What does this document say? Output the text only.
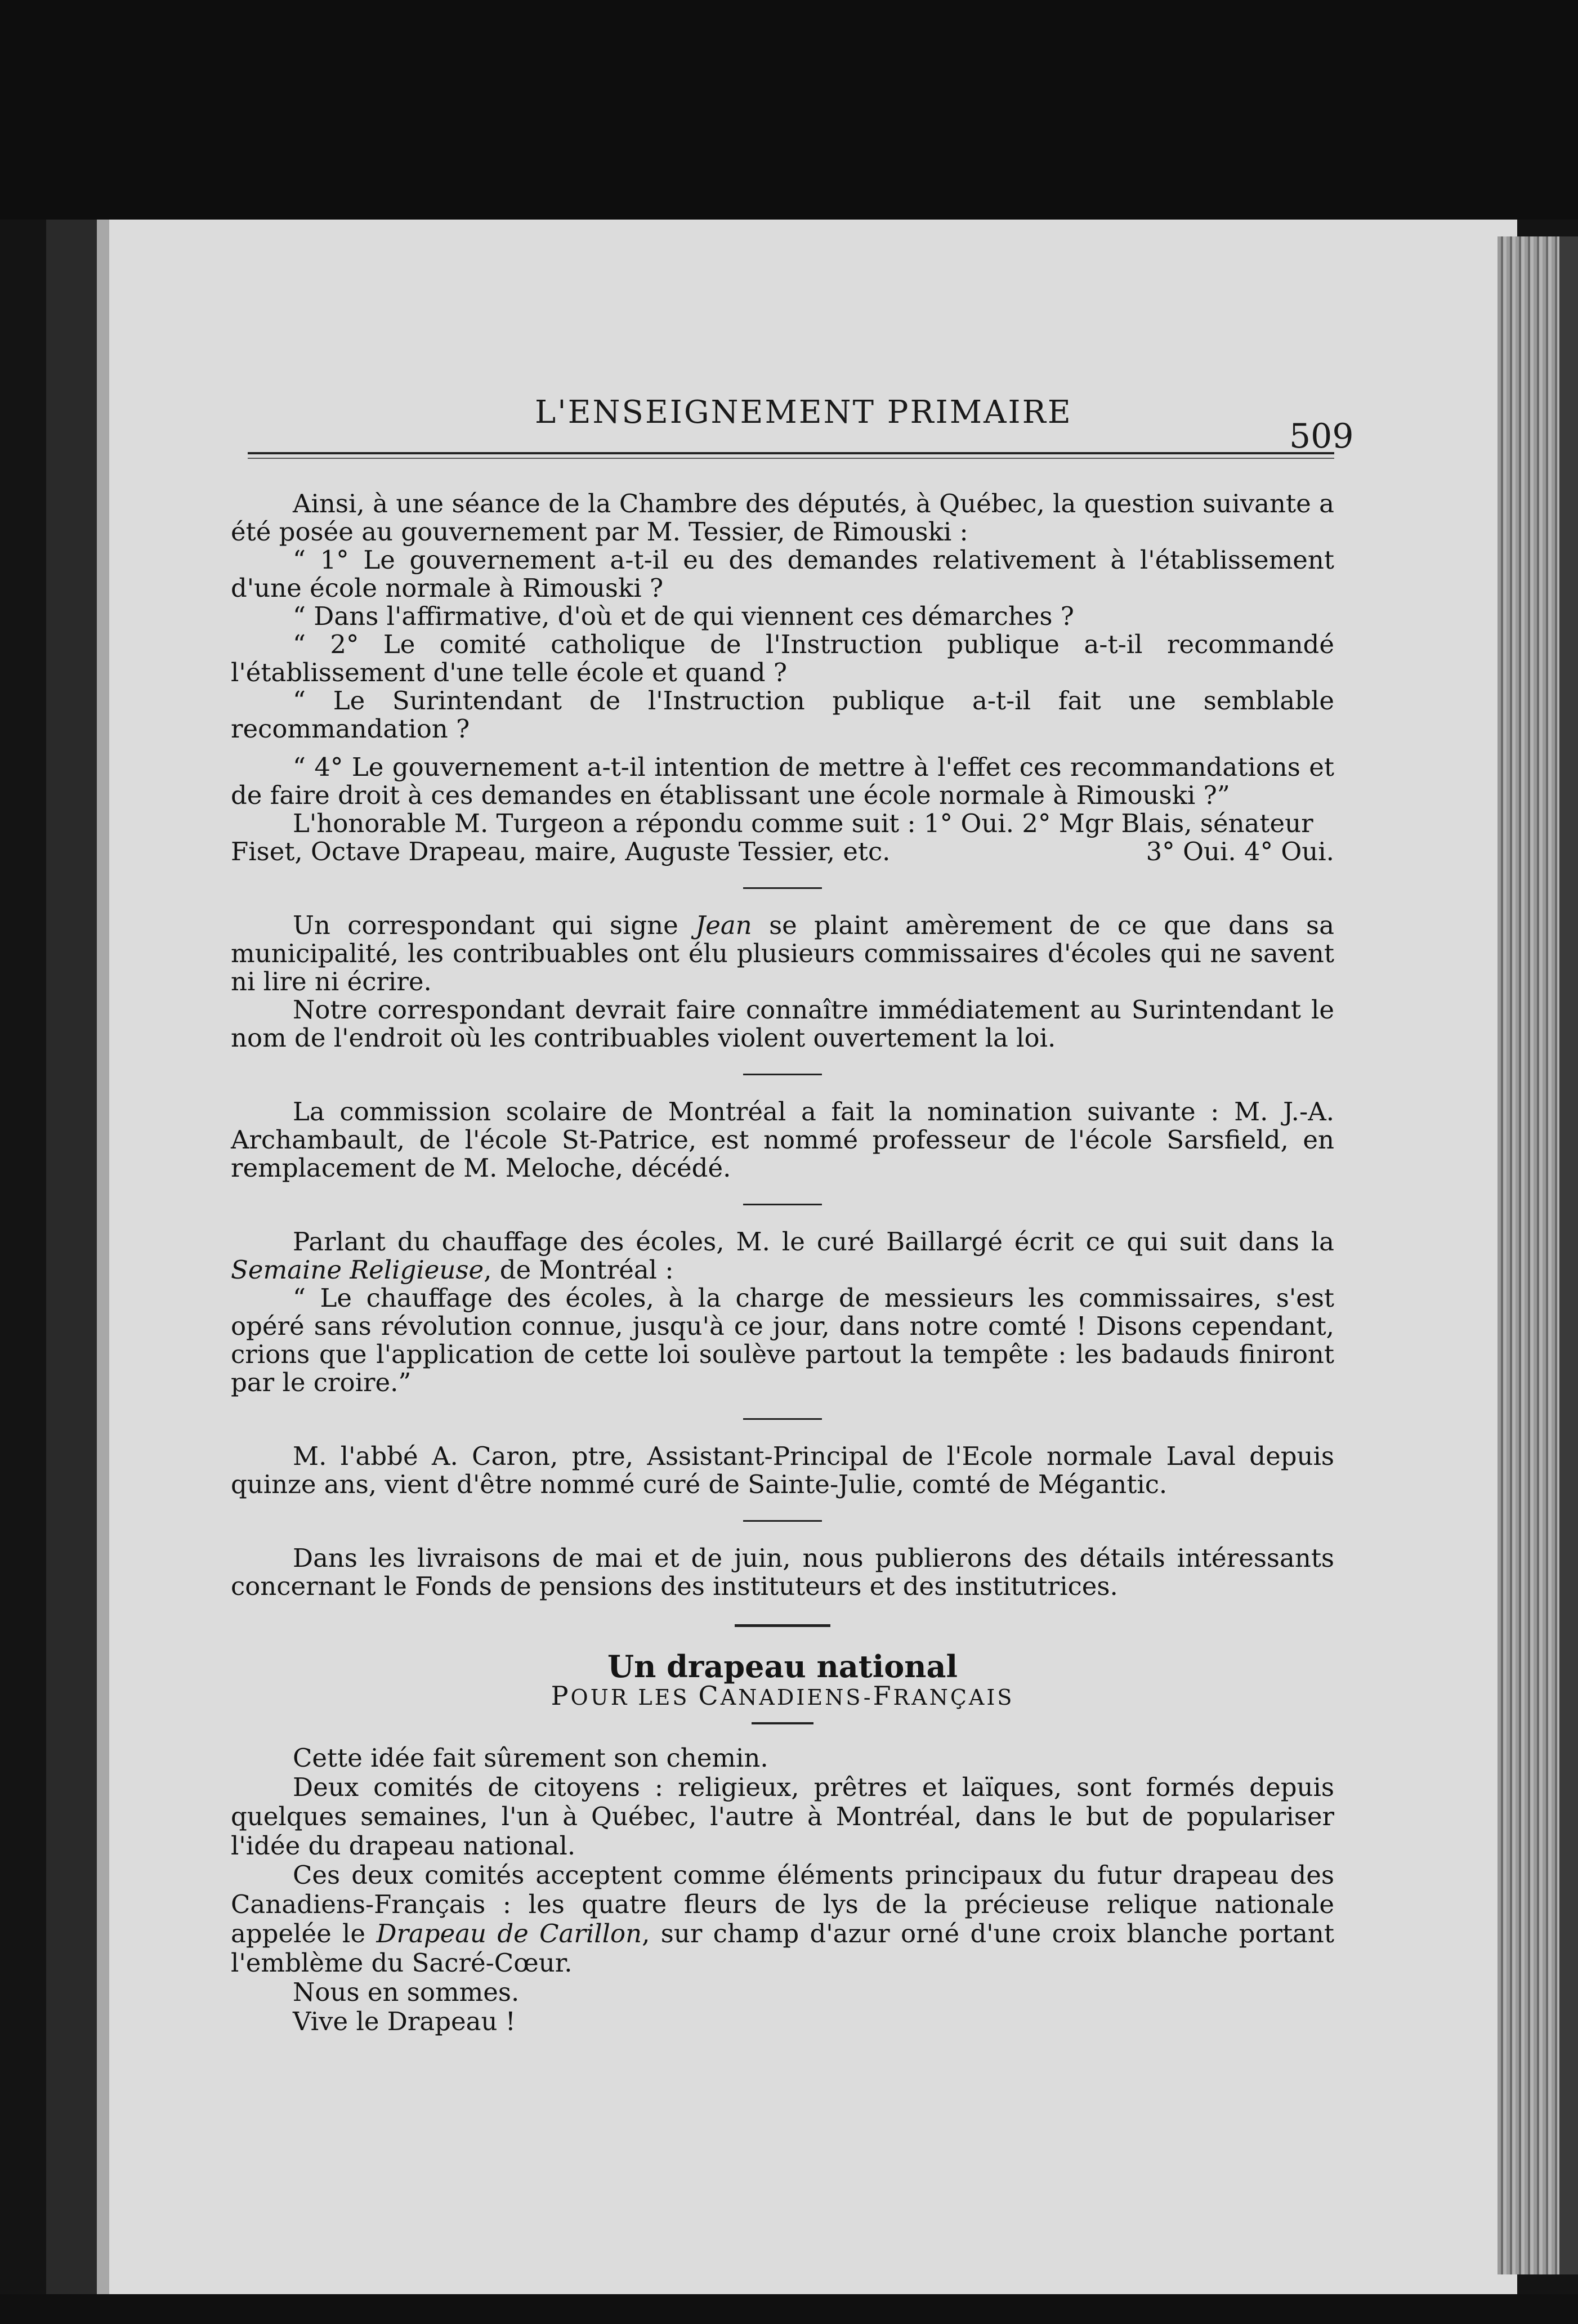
L'ENSEIGNEMENT PRIMAIRE
509

Ainsi, à une séance de la Chambre des députés, à Québec, la question suivante a été posée au gouvernement par M. Tessier, de Rimouski :

“ 1° Le gouvernement a-t-il eu des demandes relativement à l'établissement d'une école normale à Rimouski ?

“ Dans l'affirmative, d'où et de qui viennent ces démarches ?

“ 2° Le comité catholique de l'Instruction publique a-t-il recommandé l'établissement d'une telle école et quand ?

“ Le Surintendant de l'Instruction publique a-t-il fait une semblable recommandation ?

“ 4° Le gouvernement a-t-il intention de mettre à l'effet ces recommandations et de faire droit à ces demandes en établissant une école normale à Rimouski ?”

L'honorable M. Turgeon a répondu comme suit : 1° Oui. 2° Mgr Blais, sénateur

Fiset, Octave Drapeau, maire, Auguste Tessier, etc.	3° Oui. 4° Oui.

Un correspondant qui signe Jean se plaint amèrement de ce que dans sa municipalité, les contribuables ont élu plusieurs commissaires d'écoles qui ne savent ni lire ni écrire.

Notre correspondant devrait faire connaître immédiatement au Surintendant le nom de l'endroit où les contribuables violent ouvertement la loi.

La commission scolaire de Montréal a fait la nomination suivante : M. J.-A. Archambault, de l'école St-Patrice, est nommé professeur de l'école Sarsfield, en remplacement de M. Meloche, décédé.

Parlant du chauffage des écoles, M. le curé Baillargé écrit ce qui suit dans la Semaine Religieuse, de Montréal :

“ Le chauffage des écoles, à la charge de messieurs les commissaires, s'est opéré sans révolution connue, jusqu'à ce jour, dans notre comté ! Disons cependant, crions que l'application de cette loi soulève partout la tempête : les badauds finiront par le croire.”

M. l'abbé A. Caron, ptre, Assistant-Principal de l'Ecole normale Laval depuis quinze ans, vient d'être nommé curé de Sainte-Julie, comté de Mégantic.

Dans les livraisons de mai et de juin, nous publierons des détails intéressants concernant le Fonds de pensions des instituteurs et des institutrices.

Un drapeau national

POUR LES CANADIENS-FRANÇAIS

Cette idée fait sûrement son chemin.

Deux comités de citoyens : religieux, prêtres et laïques, sont formés depuis quelques semaines, l'un à Québec, l'autre à Montréal, dans le but de populariser l'idée du drapeau national.

Ces deux comités acceptent comme éléments principaux du futur drapeau des Canadiens-Français : les quatre fleurs de lys de la précieuse relique nationale appelée le Drapeau de Carillon, sur champ d'azur orné d'une croix blanche portant l'emblème du Sacré-Cœur.

Nous en sommes.

Vive le Drapeau !
